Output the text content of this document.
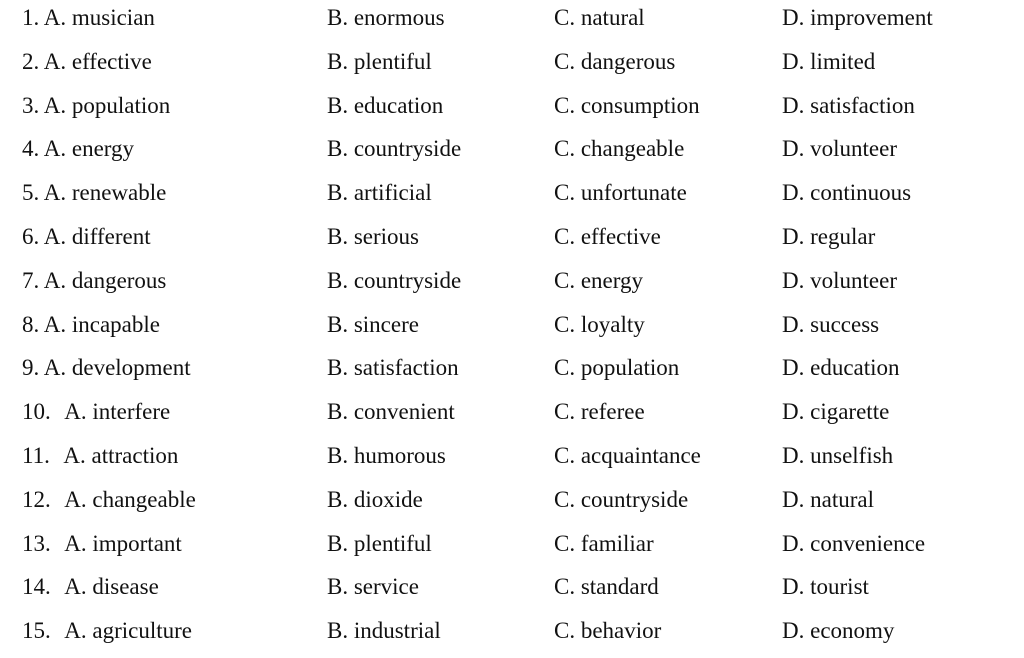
1. A. musician	B. enormous	C. natural	D. improvement
2. A. effective	B. plentiful	C. dangerous	D. limited
3. A. population	B. education	C. consumption	D. satisfaction
4. A. energy	B. countryside	C. changeable	D. volunteer
5. A. renewable	B. artificial	C. unfortunate	D. continuous
6. A. different	B. serious	C. effective	D. regular
7. A. dangerous	B. countryside	C. energy	D. volunteer
8. A. incapable	B. sincere	C. loyalty	D. success
9. A. development	B. satisfaction	C. population	D. education
10. A. interfere	B. convenient	C. referee	D. cigarette
11. A. attraction	B. humorous	C. acquaintance	D. unselfish
12. A. changeable	B. dioxide	C. countryside	D. natural
13. A. important	B. plentiful	C. familiar	D. convenience
14. A. disease	B. service	C. standard	D. tourist
15. A. agriculture	B. industrial	C. behavior	D. economy
